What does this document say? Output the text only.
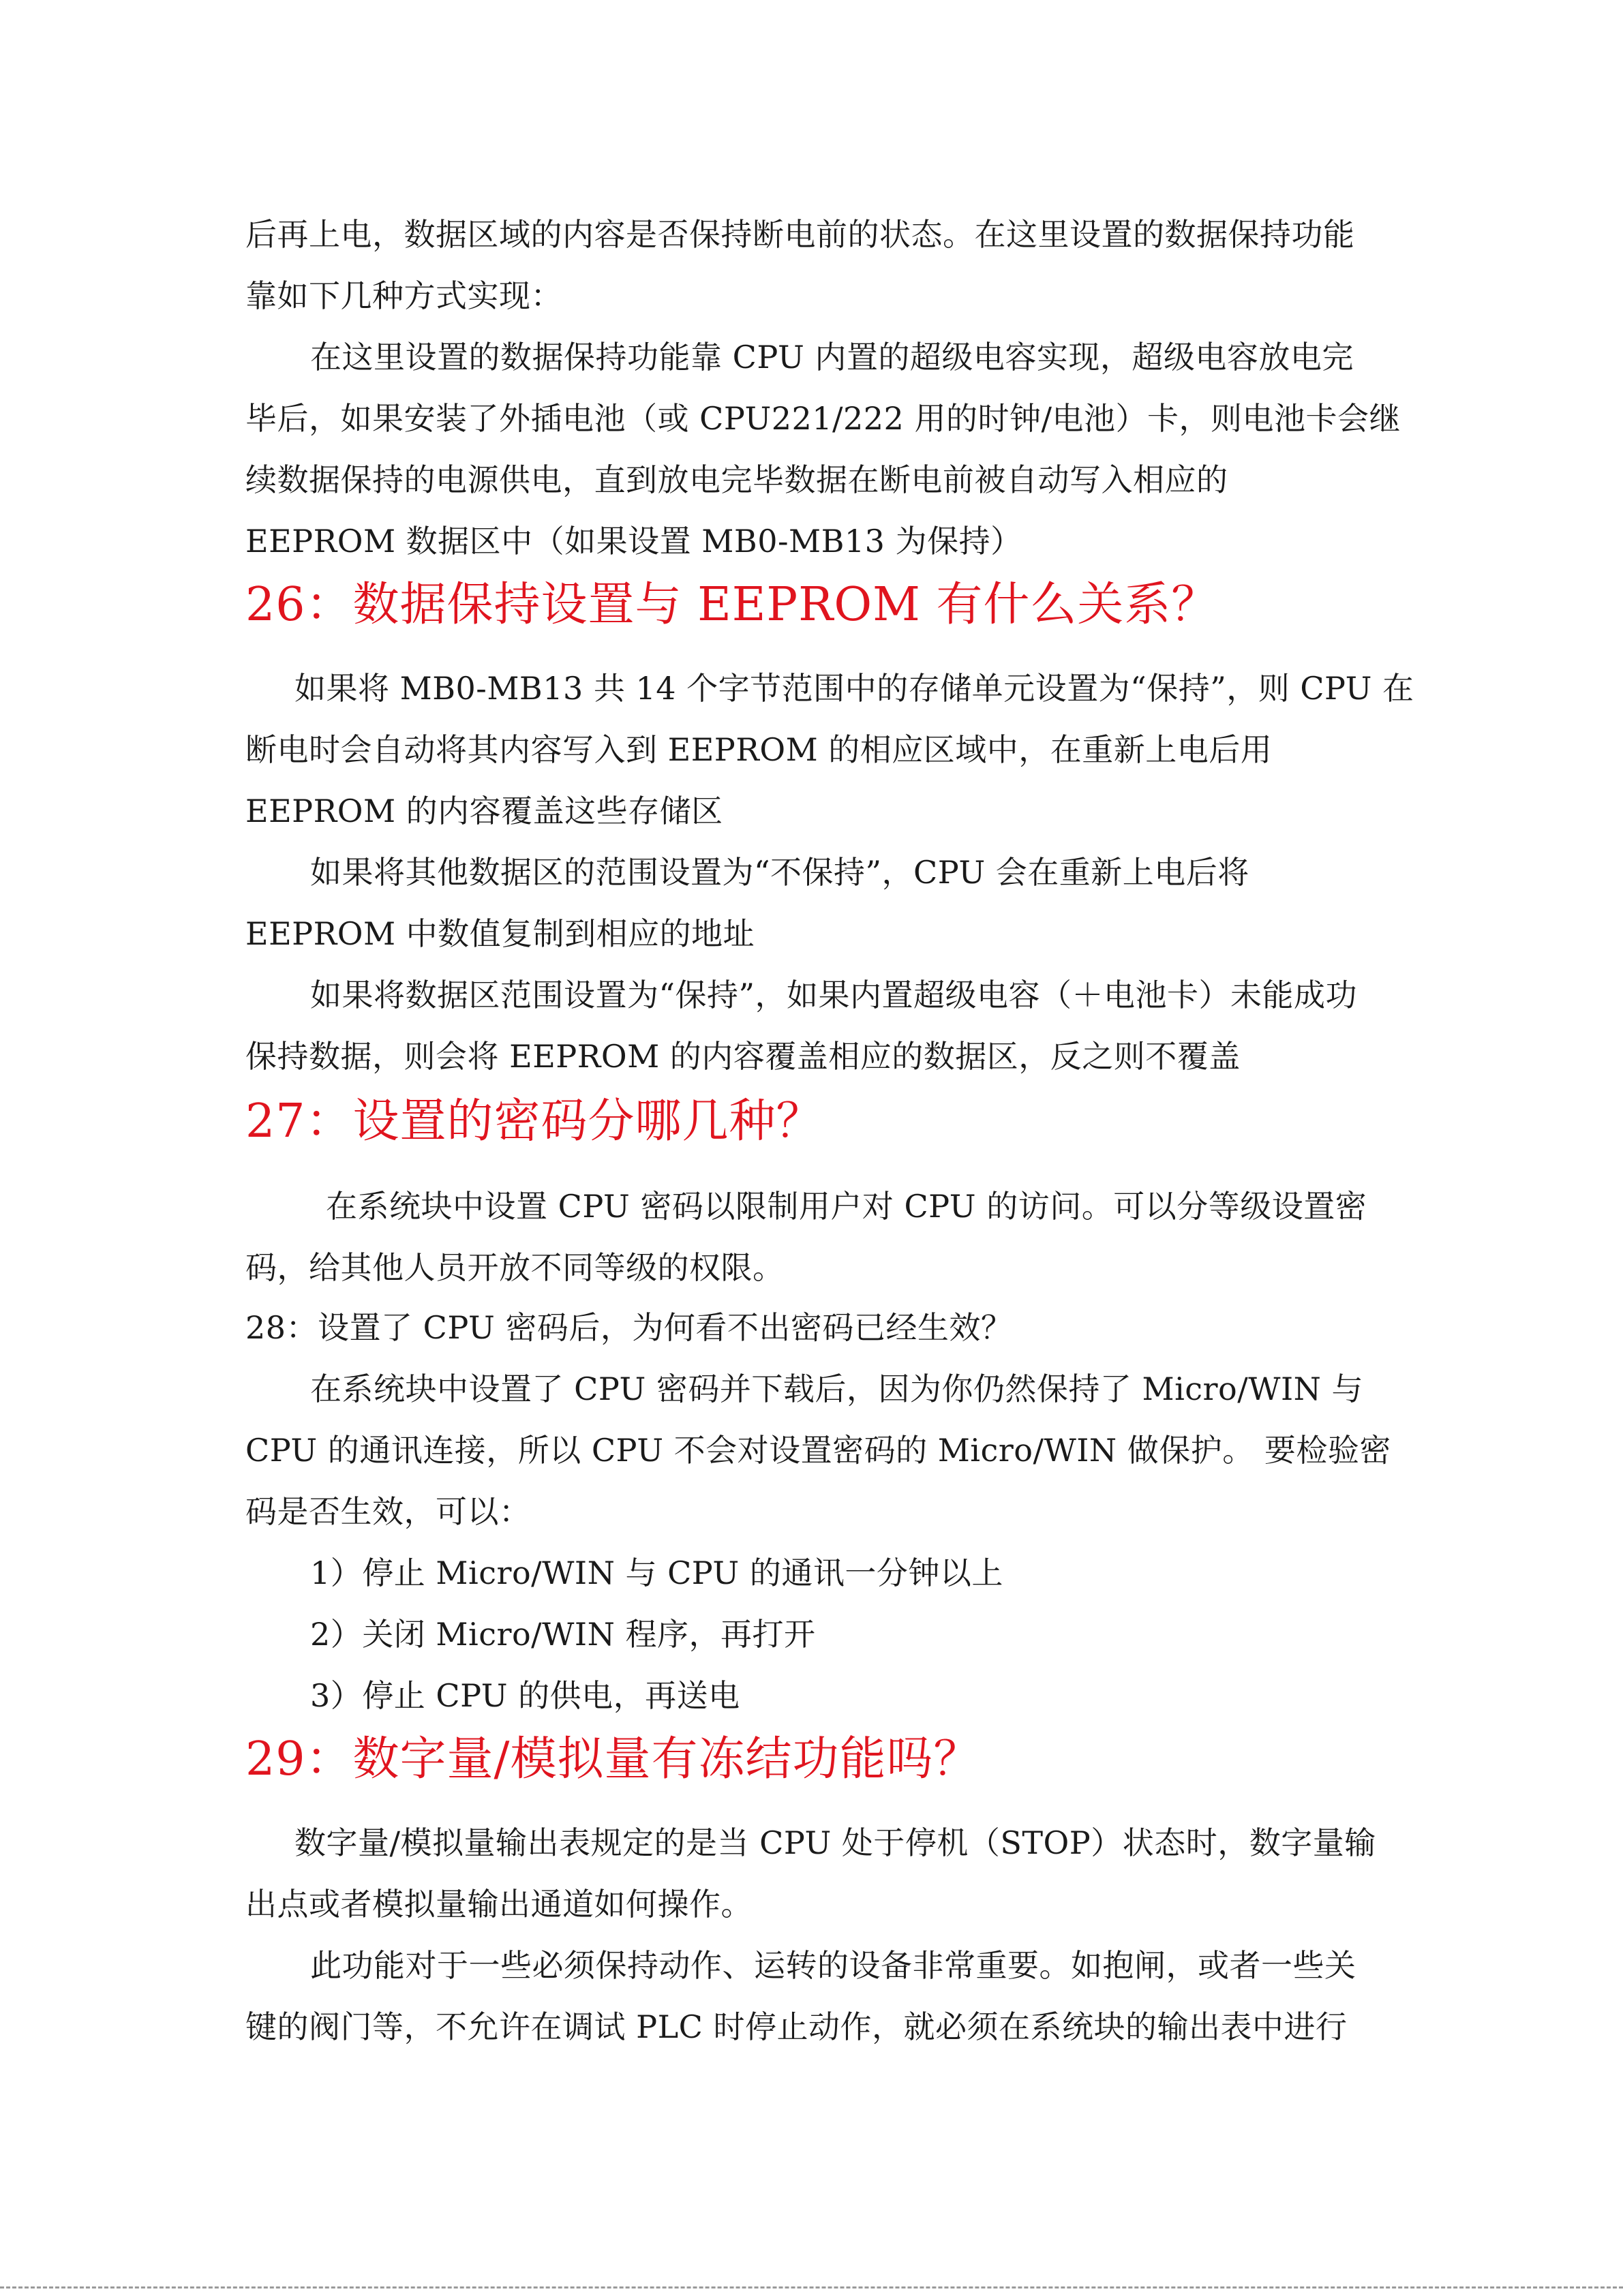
后再上电，数据区域的内容是否保持断电前的状态。在这里设置的数据保持功能

靠如下几种方式实现：

在这里设置的数据保持功能靠 CPU 内置的超级电容实现，超级电容放电完

毕后，如果安装了外插电池（或 CPU221/222 用的时钟/电池）卡，则电池卡会继

续数据保持的电源供电，直到放电完毕数据在断电前被自动写入相应的

EEPROM 数据区中（如果设置 MB0-MB13 为保持）

26：数据保持设置与 EEPROM 有什么关系？

如果将 MB0-MB13 共 14 个字节范围中的存储单元设置为“保持”，则 CPU 在

断电时会自动将其内容写入到 EEPROM 的相应区域中，在重新上电后用

EEPROM 的内容覆盖这些存储区

如果将其他数据区的范围设置为“不保持”，CPU 会在重新上电后将

EEPROM 中数值复制到相应的地址

如果将数据区范围设置为“保持”，如果内置超级电容（＋电池卡）未能成功

保持数据，则会将 EEPROM 的内容覆盖相应的数据区，反之则不覆盖

27：设置的密码分哪几种？

在系统块中设置 CPU 密码以限制用户对 CPU 的访问。可以分等级设置密

码，给其他人员开放不同等级的权限。

28：设置了 CPU 密码后，为何看不出密码已经生效？

在系统块中设置了 CPU 密码并下载后，因为你仍然保持了 Micro/WIN 与

CPU 的通讯连接，所以 CPU 不会对设置密码的 Micro/WIN 做保护。 要检验密

码是否生效，可以：

1）停止 Micro/WIN 与 CPU 的通讯一分钟以上

2）关闭 Micro/WIN 程序，再打开

3）停止 CPU 的供电，再送电

29：数字量/模拟量有冻结功能吗？

数字量/模拟量输出表规定的是当 CPU 处于停机（STOP）状态时，数字量输

出点或者模拟量输出通道如何操作。

此功能对于一些必须保持动作、运转的设备非常重要。如抱闸，或者一些关

键的阀门等，不允许在调试 PLC 时停止动作，就必须在系统块的输出表中进行
